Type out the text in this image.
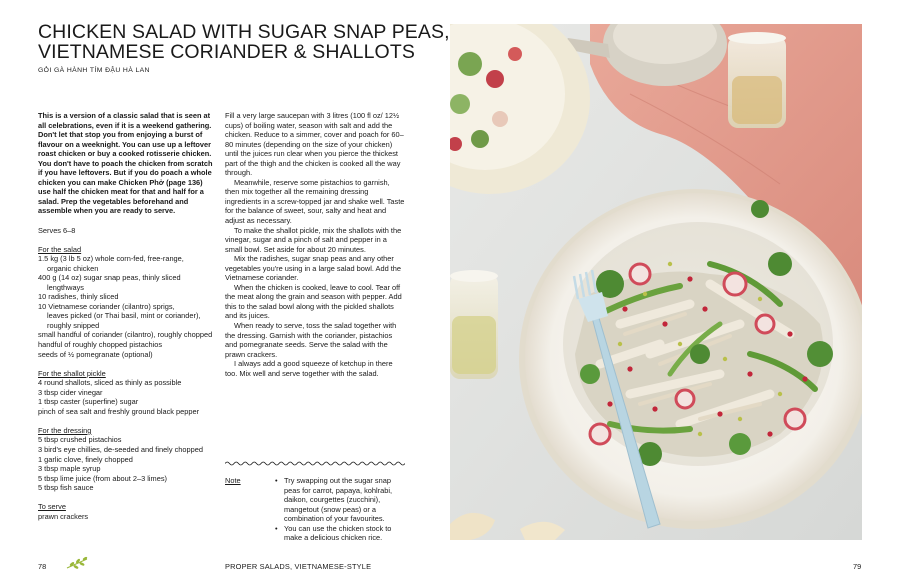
CHICKEN SALAD WITH SUGAR SNAP PEAS,
VIETNAMESE CORIANDER & SHALLOTS
GỎI GÀ HÀNH TÍM ĐẬU HÀ LAN

This is a version of a classic salad that is seen at all celebrations, even if it is a weekend gathering. Don't let that stop you from enjoying a burst of flavour on a weeknight. You can use up a leftover roast chicken or buy a cooked rotisserie chicken. You don't have to poach the chicken from scratch if you have leftovers. But if you do poach a whole chicken you can make Chicken Phở (page 136) use half the chicken meat for that and half for a salad. Prep the vegetables beforehand and assemble when you are ready to serve.

Serves 6–8

For the salad

1.5 kg (3 lb 5 oz) whole corn-fed, free-range,

organic chicken

400 g (14 oz) sugar snap peas, thinly sliced

lengthways

10 radishes, thinly sliced

10 Vietnamese coriander (cilantro) sprigs,

leaves picked (or Thai basil, mint or coriander),

roughly snipped

small handful of coriander (cilantro), roughly chopped

handful of roughly chopped pistachios

seeds of ½ pomegranate (optional)

For the shallot pickle

4 round shallots, sliced as thinly as possible

3 tbsp cider vinegar

1 tbsp caster (superfine) sugar

pinch of sea salt and freshly ground black pepper

For the dressing

5 tbsp crushed pistachios

3 bird's eye chillies, de-seeded and finely chopped

1 garlic clove, finely chopped

3 tbsp maple syrup

5 tbsp lime juice (from about 2–3 limes)

5 tbsp fish sauce

To serve

prawn crackers

Fill a very large saucepan with 3 litres (100 fl oz/ 12½ cups) of boiling water, season with salt and add the chicken. Reduce to a simmer, cover and poach for 60–80 minutes (depending on the size of your chicken) until the juices run clear when you pierce the thickest part of the thigh and the chicken is cooked all the way through.

Meanwhile, reserve some pistachios to garnish, then mix together all the remaining dressing ingredients in a screw-topped jar and shake well. Taste for the balance of sweet, sour, salty and heat and adjust as necessary.

To make the shallot pickle, mix the shallots with the vinegar, sugar and a pinch of salt and pepper in a small bowl. Set aside for about 20 minutes.

Mix the radishes, sugar snap peas and any other vegetables you're using in a large salad bowl. Add the Vietnamese coriander.

When the chicken is cooked, leave to cool. Tear off the meat along the grain and season with pepper. Add this to the salad bowl along with the pickled shallots and its juices.

When ready to serve, toss the salad together with the dressing. Garnish with the coriander, pistachios and pomegranate seeds. Serve the salad with the prawn crackers.

I always add a good squeeze of ketchup in there too. Mix well and serve together with the salad.

Note
•	Try swapping out the sugar snap peas for carrot, papaya, kohlrabi, daikon, courgettes (zucchini), mangetout (snow peas) or a combination of your favourites.
• You can use the chicken stock to make a delicious chicken rice.
78	PROPER SALADS, VIETNAMESE-STYLE	79
